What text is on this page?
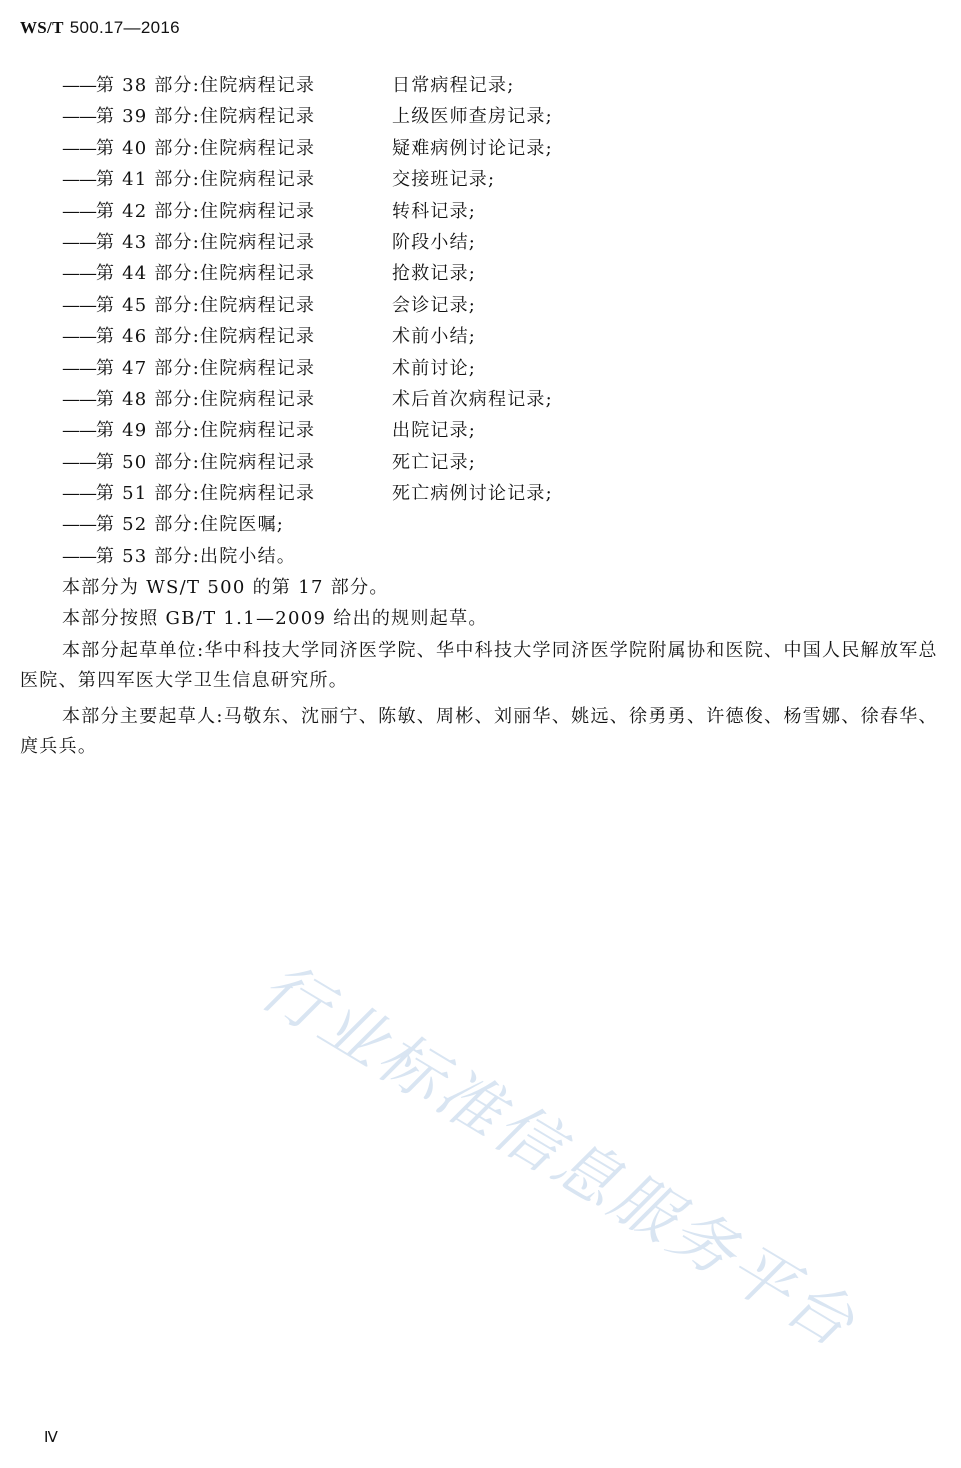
WS/T 500.17—2016
——第 38 部分:住院病程记录	日常病程记录;
——第 39 部分:住院病程记录	上级医师查房记录;
——第 40 部分:住院病程记录	疑难病例讨论记录;
——第 41 部分:住院病程记录	交接班记录;
——第 42 部分:住院病程记录	转科记录;
——第 43 部分:住院病程记录	阶段小结;
——第 44 部分:住院病程记录	抢救记录;
——第 45 部分:住院病程记录	会诊记录;
——第 46 部分:住院病程记录	术前小结;
——第 47 部分:住院病程记录	术前讨论;
——第 48 部分:住院病程记录	术后首次病程记录;
——第 49 部分:住院病程记录	出院记录;
——第 50 部分:住院病程记录	死亡记录;
——第 51 部分:住院病程记录	死亡病例讨论记录;
——第 52 部分:住院医嘱;
——第 53 部分:出院小结。

本部分为 WS/T 500 的第 17 部分。

本部分按照 GB/T 1.1—2009 给出的规则起草。

本部分起草单位:华中科技大学同济医学院、华中科技大学同济医学院附属协和医院、中国人民解放军总医院、第四军医大学卫生信息研究所。

本部分主要起草人:马敬东、沈丽宁、陈敏、周彬、刘丽华、姚远、徐勇勇、许德俊、杨雪娜、徐春华、庹兵兵。

行业标准信息服务平台
Ⅳ
